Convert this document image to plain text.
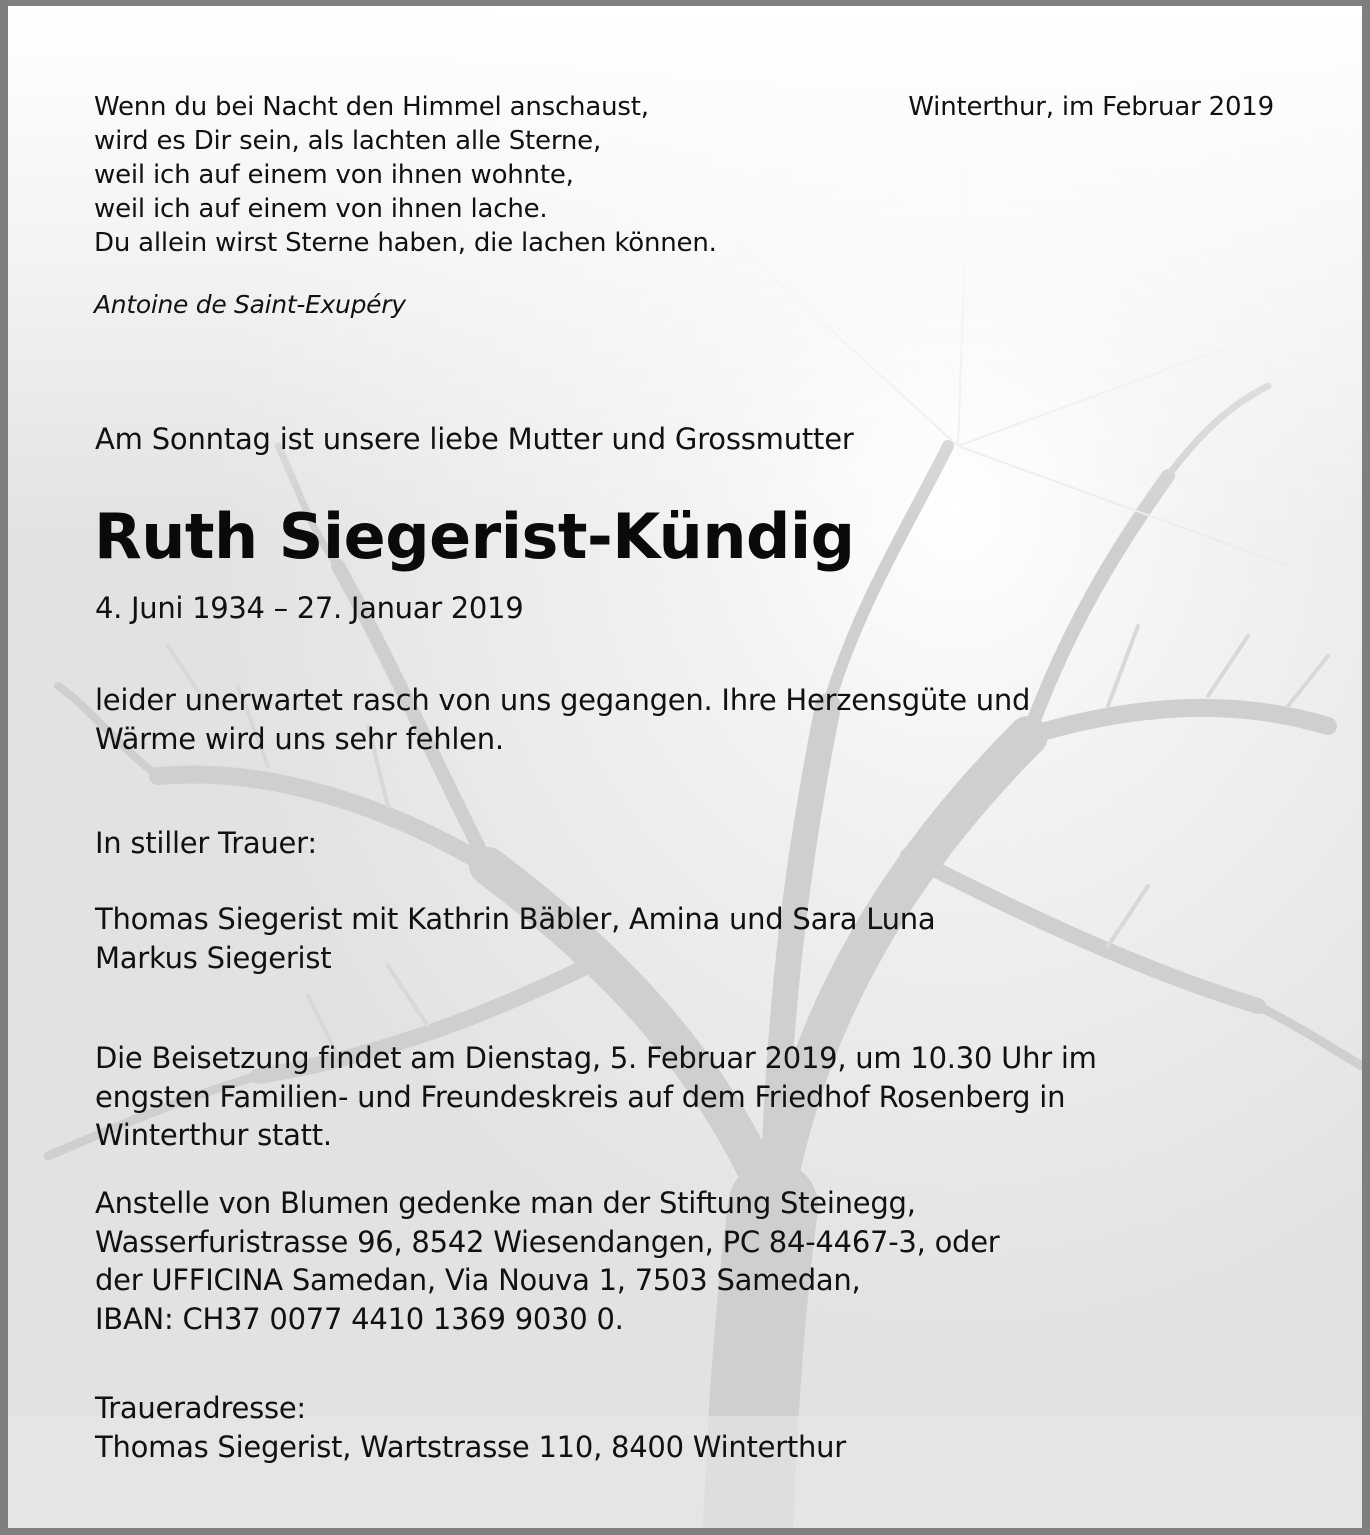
Wenn du bei Nacht den Himmel anschaust,
wird es Dir sein, als lachten alle Sterne,
weil ich auf einem von ihnen wohnte,
weil ich auf einem von ihnen lache.
Du allein wirst Sterne haben, die lachen können.
Winterthur, im Februar 2019
Antoine de Saint-Exupéry
Am Sonntag ist unsere liebe Mutter und Grossmutter
Ruth Siegerist-Kündig
4. Juni 1934 – 27. Januar 2019
leider unerwartet rasch von uns gegangen. Ihre Herzensgüte und
Wärme wird uns sehr fehlen.
In stiller Trauer:
Thomas Siegerist mit Kathrin Bäbler, Amina und Sara Luna
Markus Siegerist
Die Beisetzung findet am Dienstag, 5. Februar 2019, um 10.30 Uhr im
engsten Familien- und Freundeskreis auf dem Friedhof Rosenberg in
Winterthur statt.
Anstelle von Blumen gedenke man der Stiftung Steinegg,
Wasserfuristrasse 96, 8542 Wiesendangen, PC 84-4467-3, oder
der UFFICINA Samedan, Via Nouva 1, 7503 Samedan,
IBAN: CH37 0077 4410 1369 9030 0.
Traueradresse:
Thomas Siegerist, Wartstrasse 110, 8400 Winterthur
